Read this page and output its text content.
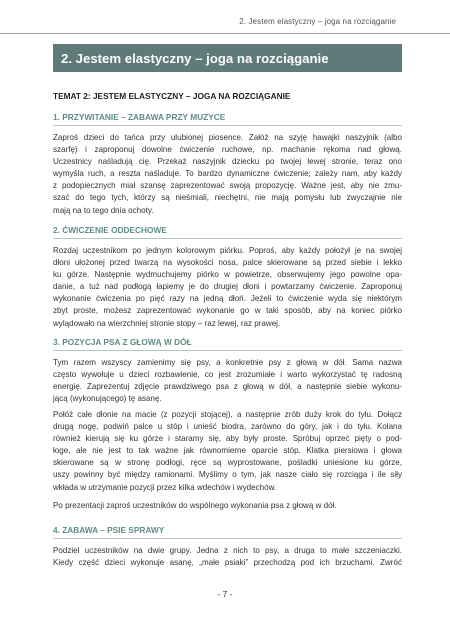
2. Jestem elastyczny – joga na rozciąganie
2. Jestem elastyczny – joga na rozciąganie
TEMAT 2: JESTEM ELASTYCZNY – JOGA NA ROZCIĄGANIE
1. PRZYWITANIE – ZABAWA PRZY MUZYCE
Zaproś dzieci do tańca przy ulubionej piosence. Załóż na szyję hawajki naszyjnik (albo
szarfę) i zaproponuj dowolne ćwiczenie ruchowe, np. machanie rękoma nad głową.
Uczestnicy naśladują cię. Przekaż naszyjnik dziecku po twojej lewej stronie, teraz ono
wymyśla ruch, a reszta naśladuje. To bardzo dynamiczne ćwiczenie; zależy nam, aby każdy
z podopiecznych miał szansę zaprezentować swoją propozycję. Ważne jest, aby nie zmu-
szać do tego tych, którzy są nieśmiali, niechętni, nie mają pomysłu lub zwyczajnie nie
mają na to tego dnia ochoty.
2. ĆWICZENIE ODDECHOWE
Rozdaj uczestnikom po jednym kolorowym piórku. Poproś, aby każdy położył je na swojej
dłoni ułożonej przed twarzą na wysokości nosa, palce skierowane są przed siebie i lekko
ku górze. Następnie wydmuchujemy piórko w powietrze, obserwujemy jego powolne opa-
danie, a tuż nad podłogą łapiemy je do drugiej dłoni i powtarzamy ćwiczenie. Zaproponuj
wykonanie ćwiczenia po pięć razy na jedną dłoń. Jeżeli to ćwiczenie wyda się niektórym
zbyt proste, możesz zaprezentować wykonanie go w taki sposób, aby na koniec piórko
wylądowało na wierzchniej stronie stopy – raz lewej, raz prawej.
3. POZYCJA PSA Z GŁOWĄ W DÓŁ
Tym razem wszyscy zamienimy się psy, a konkretnie psy z głową w dół. Sama nazwa
często wywołuje u dzieci rozbawienie, co jest zrozumiałe i warto wykorzystać tę radosną
energię. Zaprezentuj zdjęcie prawdziwego psa z głową w dół, a następnie siebie wykonu-
jącą (wykonującego) tę asanę.
Połóż całe dłonie na macie (z pozycji stojącej), a następnie zrób duży krok do tyłu. Dołącz
drugą nogę, podwiń palce u stóp i unieść biodra, zarówno do góry, jak i do tyłu. Kolana
również kierują się ku górze i staramy się, aby były proste. Spróbuj oprzeć pięty o pod-
łoge, ale nie jest to tak ważne jak równomierne oparcie stóp. Klatka piersiowa i głowa
skierowane są w stronę podłogi, ręce są wyprostowane, pośladki uniesione ku górze,
uszy powinny być między ramionami. Myślimy o tym, jak nasze ciało się rozciąga i ile siły
wkłada w utrzymanie pozycji przez kilka wdechów i wydechów.
Po prezentacji zaproś uczestników do wspólnego wykonania psa z głową w dół.
4. ZABAWA – PSIE SPRAWY
Podziel uczestników na dwie grupy. Jedna z nich to psy, a druga to małe szczeniaczki.
Kiedy część dzieci wykonuje asanę, „małe psiaki” przechodzą pod ich brzuchami. Zwróć
- 7 -
